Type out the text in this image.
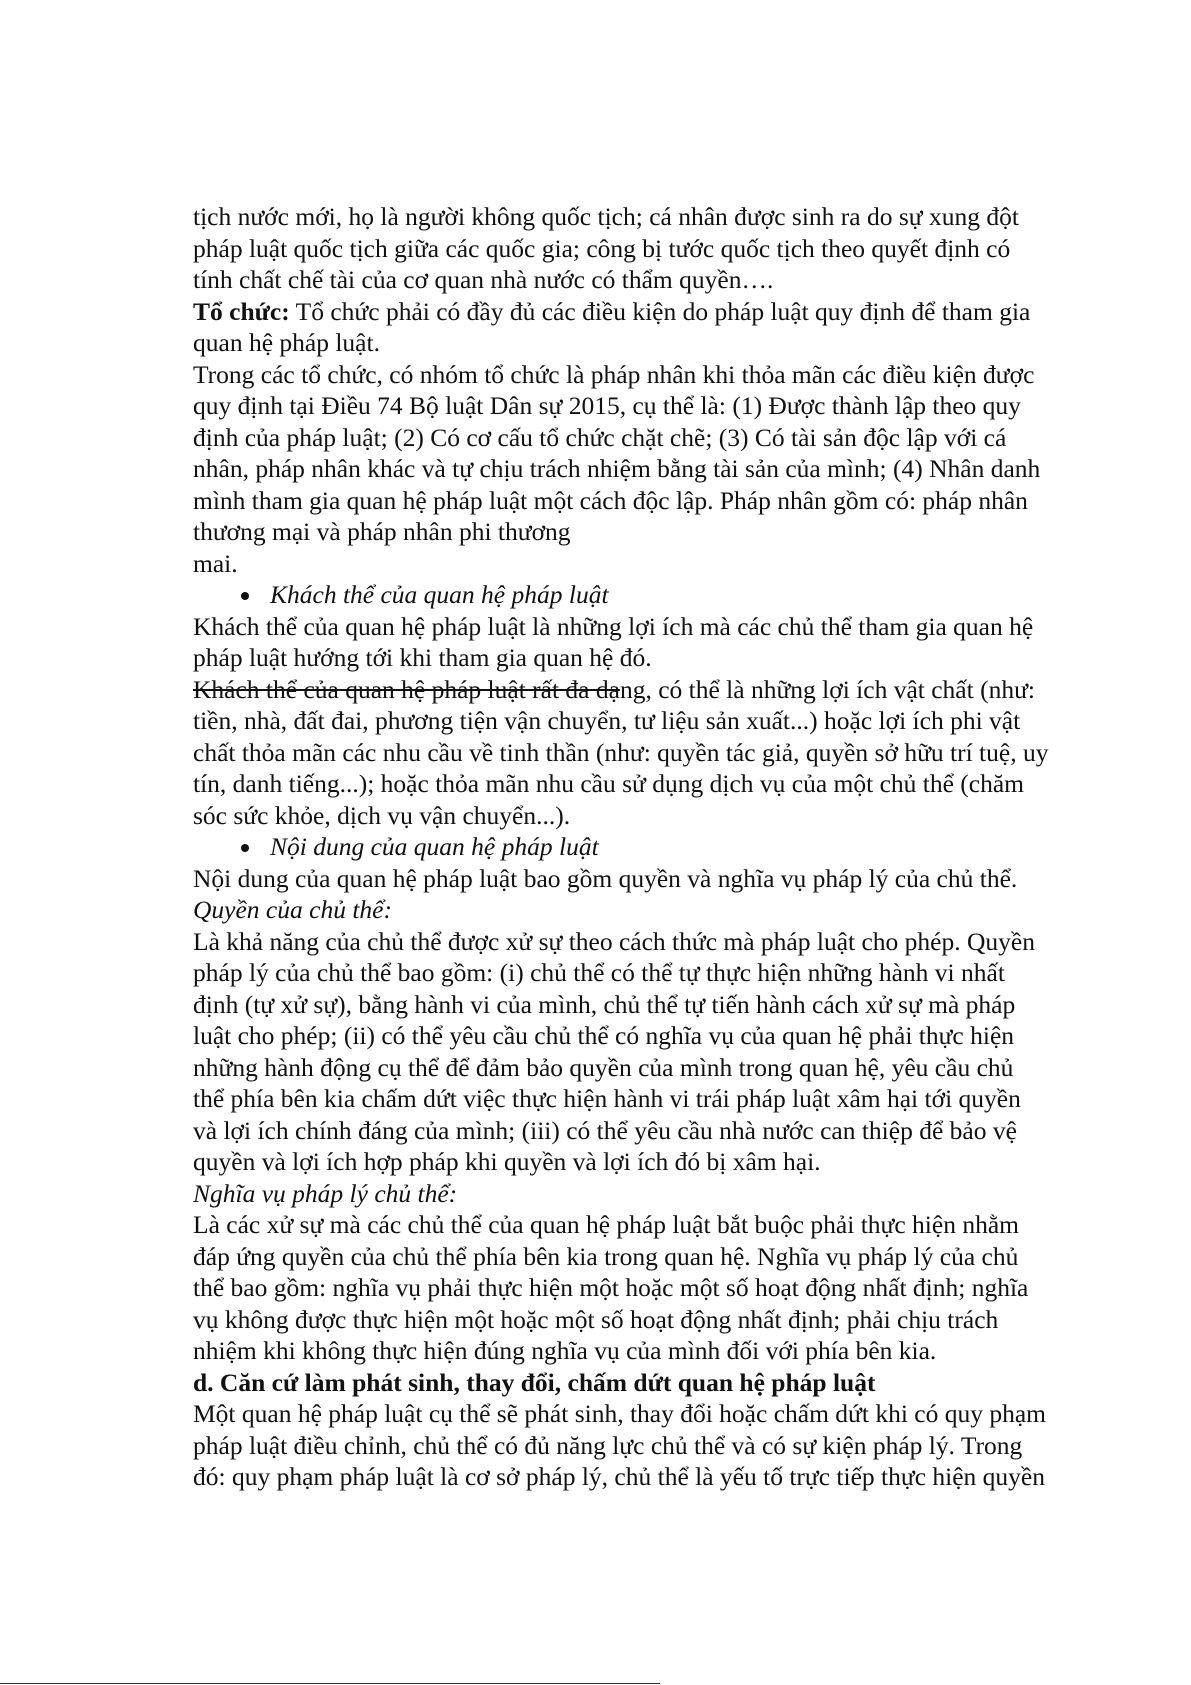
tịch nước mới, họ là người không quốc tịch; cá nhân được sinh ra do sự xung đột
pháp luật quốc tịch giữa các quốc gia; công bị tước quốc tịch theo quyết định có
tính chất chế tài của cơ quan nhà nước có thẩm quyền….
Tổ chức: Tổ chức phải có đầy đủ các điều kiện do pháp luật quy định để tham gia
quan hệ pháp luật.
Trong các tổ chức, có nhóm tổ chức là pháp nhân khi thỏa mãn các điều kiện được
quy định tại Điều 74 Bộ luật Dân sự 2015, cụ thể là: (1) Được thành lập theo quy
định của pháp luật; (2) Có cơ cấu tổ chức chặt chẽ; (3) Có tài sản độc lập với cá
nhân, pháp nhân khác và tự chịu trách nhiệm bằng tài sản của mình; (4) Nhân danh
mình tham gia quan hệ pháp luật một cách độc lập. Pháp nhân gồm có: pháp nhân
thương mại và pháp nhân phi thương
mai.
Khách thể của quan hệ pháp luật
Khách thể của quan hệ pháp luật là những lợi ích mà các chủ thể tham gia quan hệ
pháp luật hướng tới khi tham gia quan hệ đó.
Khách thể của quan hệ pháp luật rất đa dạng, có thể là những lợi ích vật chất (như:
tiền, nhà, đất đai, phương tiện vận chuyển, tư liệu sản xuất...) hoặc lợi ích phi vật
chất thỏa mãn các nhu cầu về tinh thần (như: quyền tác giả, quyền sở hữu trí tuệ, uy
tín, danh tiếng...); hoặc thỏa mãn nhu cầu sử dụng dịch vụ của một chủ thể (chăm
sóc sức khỏe, dịch vụ vận chuyển...).
Nội dung của quan hệ pháp luật
Nội dung của quan hệ pháp luật bao gồm quyền và nghĩa vụ pháp lý của chủ thể.
Quyền của chủ thể:
Là khả năng của chủ thể được xử sự theo cách thức mà pháp luật cho phép. Quyền
pháp lý của chủ thể bao gồm: (i) chủ thể có thể tự thực hiện những hành vi nhất
định (tự xử sự), bằng hành vi của mình, chủ thể tự tiến hành cách xử sự mà pháp
luật cho phép; (ii) có thể yêu cầu chủ thể có nghĩa vụ của quan hệ phải thực hiện
những hành động cụ thể để đảm bảo quyền của mình trong quan hệ, yêu cầu chủ
thể phía bên kia chấm dứt việc thực hiện hành vi trái pháp luật xâm hại tới quyền
và lợi ích chính đáng của mình; (iii) có thể yêu cầu nhà nước can thiệp để bảo vệ
quyền và lợi ích hợp pháp khi quyền và lợi ích đó bị xâm hại.
Nghĩa vụ pháp lý chủ thể:
Là các xử sự mà các chủ thể của quan hệ pháp luật bắt buộc phải thực hiện nhằm
đáp ứng quyền của chủ thể phía bên kia trong quan hệ. Nghĩa vụ pháp lý của chủ
thể bao gồm: nghĩa vụ phải thực hiện một hoặc một số hoạt động nhất định; nghĩa
vụ không được thực hiện một hoặc một số hoạt động nhất định; phải chịu trách
nhiệm khi không thực hiện đúng nghĩa vụ của mình đối với phía bên kia.
d. Căn cứ làm phát sinh, thay đổi, chấm dứt quan hệ pháp luật
Một quan hệ pháp luật cụ thể sẽ phát sinh, thay đổi hoặc chấm dứt khi có quy phạm
pháp luật điều chỉnh, chủ thể có đủ năng lực chủ thể và có sự kiện pháp lý. Trong
đó: quy phạm pháp luật là cơ sở pháp lý, chủ thể là yếu tố trực tiếp thực hiện quyền
